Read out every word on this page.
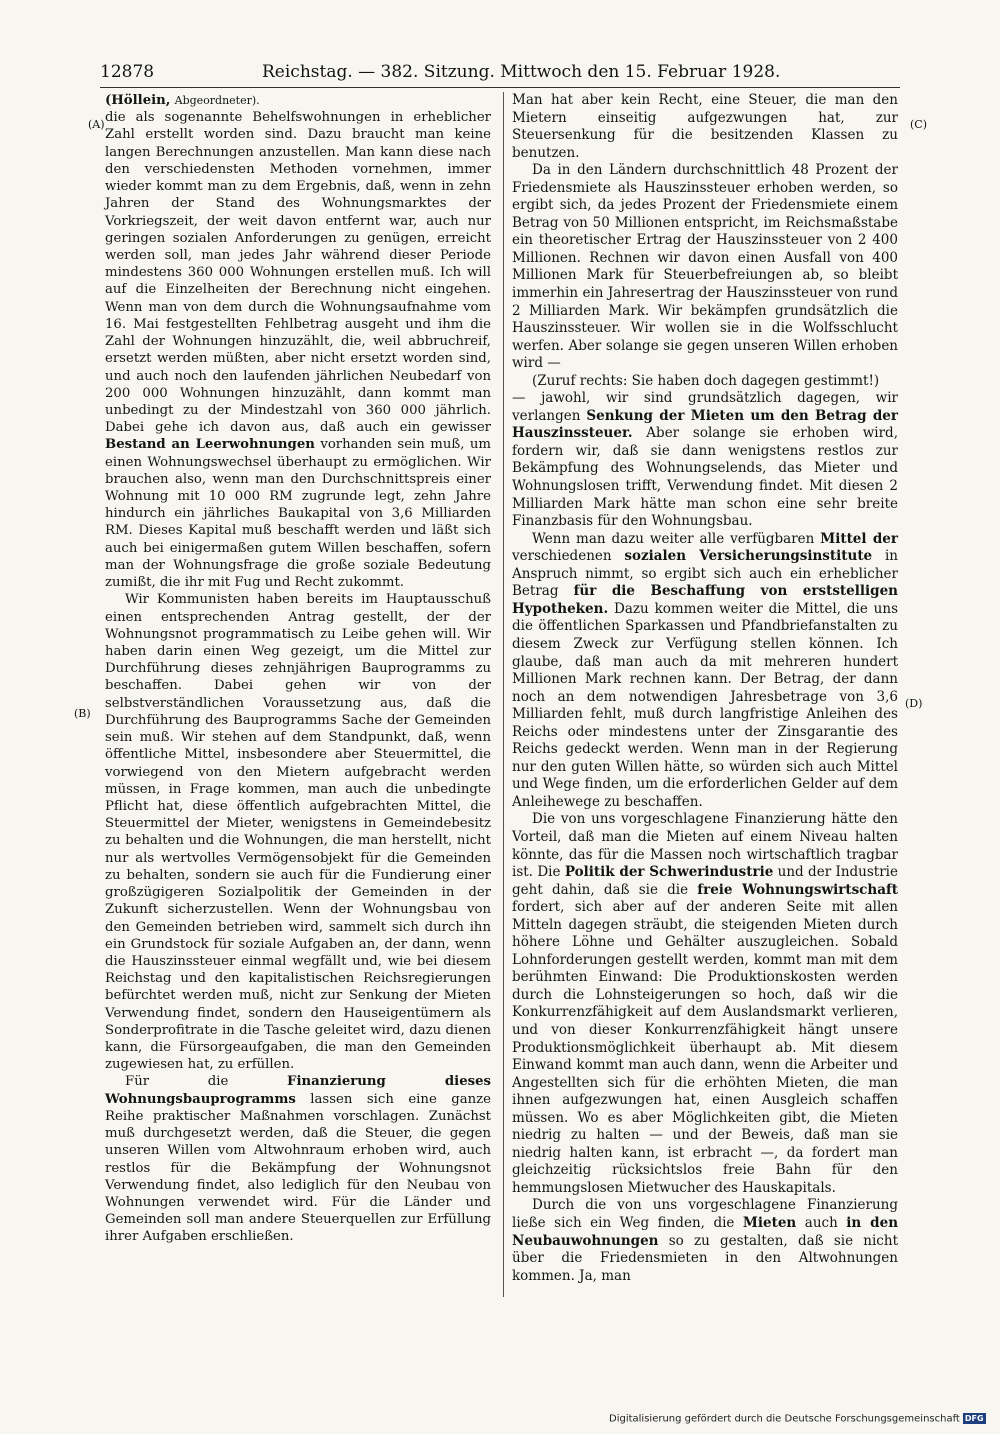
12878	Reichstag. — 382. Sitzung. Mittwoch den 15. Februar 1928.
(A)
(B)
(C)
(D)

(Höllein, Abgeordneter).

die als sogenannte Behelfswohnungen in erheblicher Zahl erstellt worden sind. Dazu braucht man keine langen Berechnungen anzustellen. Man kann diese nach den verschiedensten Methoden vornehmen, immer wieder kommt man zu dem Ergebnis, daß, wenn in zehn Jahren der Stand des Wohnungsmarktes der Vorkriegszeit, der weit davon entfernt war, auch nur geringen sozialen Anforderungen zu genügen, erreicht werden soll, man jedes Jahr während dieser Periode mindestens 360 000 Wohnungen erstellen muß. Ich will auf die Einzelheiten der Berechnung nicht eingehen. Wenn man von dem durch die Wohnungsaufnahme vom 16. Mai festgestellten Fehlbetrag ausgeht und ihm die Zahl der Wohnungen hinzuzählt, die, weil abbruchreif, ersetzt werden müßten, aber nicht ersetzt worden sind, und auch noch den laufenden jährlichen Neubedarf von 200 000 Wohnungen hinzuzählt, dann kommt man unbedingt zu der Mindestzahl von 360 000 jährlich. Dabei gehe ich davon aus, daß auch ein gewisser Bestand an Leerwohnungen vorhanden sein muß, um einen Wohnungswechsel überhaupt zu ermöglichen. Wir brauchen also, wenn man den Durchschnittspreis einer Wohnung mit 10 000 RM zugrunde legt, zehn Jahre hindurch ein jährliches Baukapital von 3,6 Milliarden RM. Dieses Kapital muß beschafft werden und läßt sich auch bei einigermaßen gutem Willen beschaffen, sofern man der Wohnungsfrage die große soziale Bedeutung zumißt, die ihr mit Fug und Recht zukommt.

Wir Kommunisten haben bereits im Hauptausschuß einen entsprechenden Antrag gestellt, der der Wohnungsnot programmatisch zu Leibe gehen will. Wir haben darin einen Weg gezeigt, um die Mittel zur Durchführung dieses zehnjährigen Bauprogramms zu beschaffen. Dabei gehen wir von der selbstverständlichen Voraussetzung aus, daß die Durchführung des Bauprogramms Sache der Gemeinden sein muß. Wir stehen auf dem Standpunkt, daß, wenn öffentliche Mittel, insbesondere aber Steuermittel, die vorwiegend von den Mietern aufgebracht werden müssen, in Frage kommen, man auch die unbedingte Pflicht hat, diese öffentlich aufgebrachten Mittel, die Steuermittel der Mieter, wenigstens in Gemeindebesitz zu behalten und die Wohnungen, die man herstellt, nicht nur als wertvolles Vermögensobjekt für die Gemeinden zu behalten, sondern sie auch für die Fundierung einer großzügigeren Sozialpolitik der Gemeinden in der Zukunft sicherzustellen. Wenn der Wohnungsbau von den Gemeinden betrieben wird, sammelt sich durch ihn ein Grundstock für soziale Aufgaben an, der dann, wenn die Hauszinssteuer einmal wegfällt und, wie bei diesem Reichstag und den kapitalistischen Reichsregierungen befürchtet werden muß, nicht zur Senkung der Mieten Verwendung findet, sondern den Hauseigentümern als Sonderprofitrate in die Tasche geleitet wird, dazu dienen kann, die Fürsorgeaufgaben, die man den Gemeinden zugewiesen hat, zu erfüllen.

Für die	Finanzierung dieses Wohnungsbauprogramms lassen sich eine ganze Reihe praktischer Maßnahmen vorschlagen. Zunächst muß durchgesetzt werden, daß die Steuer, die gegen unseren Willen vom Altwohnraum erhoben wird, auch restlos für die Bekämpfung der Wohnungsnot Verwendung findet, also lediglich für den Neubau von Wohnungen verwendet wird. Für die Länder und Gemeinden soll man andere Steuerquellen zur Erfüllung ihrer Aufgaben erschließen.

Man hat aber kein Recht, eine Steuer, die man den Mietern einseitig aufgezwungen hat, zur Steuersenkung für die besitzenden Klassen zu benutzen.

Da in den Ländern durchschnittlich 48 Prozent der Friedensmiete als Hauszinssteuer erhoben werden, so ergibt sich, da jedes Prozent der Friedensmiete einem Betrag von 50 Millionen entspricht, im Reichsmaßstabe ein theoretischer Ertrag der Hauszinssteuer von 2 400 Millionen. Rechnen wir davon einen Ausfall von 400 Millionen Mark für Steuerbefreiungen ab, so bleibt immerhin ein Jahresertrag der Hauszinssteuer von rund 2 Milliarden Mark. Wir bekämpfen grundsätzlich die Hauszinssteuer. Wir wollen sie in die Wolfsschlucht werfen. Aber solange sie gegen unseren Willen erhoben wird —

(Zuruf rechts: Sie haben doch dagegen gestimmt!)

— jawohl, wir sind grundsätzlich dagegen, wir verlangen Senkung der Mieten um den Betrag der Hauszinssteuer. Aber solange sie erhoben wird, fordern wir, daß sie dann wenigstens restlos zur Bekämpfung des Wohnungselends, das Mieter und Wohnungslosen trifft, Verwendung findet. Mit diesen 2 Milliarden Mark hätte man schon eine sehr breite Finanzbasis für den Wohnungsbau.

Wenn man dazu weiter alle verfügbaren Mittel der verschiedenen sozialen Versicherungsinstitute in Anspruch nimmt, so ergibt sich auch ein erheblicher Betrag für die Beschaffung von erststelligen Hypotheken. Dazu kommen weiter die Mittel, die uns die öffentlichen Sparkassen und Pfandbriefanstalten zu diesem Zweck zur Verfügung stellen können. Ich glaube, daß man auch da mit mehreren hundert Millionen Mark rechnen kann. Der Betrag, der dann noch an dem notwendigen Jahresbetrage von 3,6 Milliarden fehlt, muß durch langfristige Anleihen des Reichs oder mindestens unter der Zinsgarantie des Reichs gedeckt werden. Wenn man in der Regierung nur den guten Willen hätte, so würden sich auch Mittel und Wege finden, um die erforderlichen Gelder auf dem Anleihewege zu beschaffen.

Die von uns vorgeschlagene Finanzierung hätte den Vorteil, daß man die Mieten auf einem Niveau halten könnte, das für die Massen noch wirtschaftlich tragbar ist. Die Politik der Schwerindustrie und der Industrie geht dahin, daß sie die freie Wohnungswirtschaft fordert, sich aber auf der anderen Seite mit allen Mitteln dagegen sträubt, die steigenden Mieten durch höhere Löhne und Gehälter auszugleichen. Sobald Lohnforderungen gestellt werden, kommt man mit dem berühmten Einwand: Die Produktionskosten werden durch die Lohnsteigerungen so hoch, daß wir die Konkurrenzfähigkeit auf dem Auslandsmarkt verlieren, und von dieser Konkurrenzfähigkeit hängt unsere Produktionsmöglichkeit überhaupt ab. Mit diesem Einwand kommt man auch dann, wenn die Arbeiter und Angestellten sich für die erhöhten Mieten, die man ihnen aufgezwungen hat, einen Ausgleich schaffen müssen. Wo es aber Möglichkeiten gibt, die Mieten niedrig zu halten — und der Beweis, daß man sie niedrig halten kann, ist erbracht —, da fordert man gleichzeitig rücksichtslos freie Bahn für den hemmungslosen Mietwucher des Hauskapitals.

Durch die von uns vorgeschlagene Finanzierung ließe sich ein Weg finden, die Mieten auch in den Neubauwohnungen so zu gestalten, daß sie nicht über die Friedensmieten in den Altwohnungen kommen. Ja, man

Digitalisierung gefördert durch die Deutsche Forschungsgemeinschaft DFG
